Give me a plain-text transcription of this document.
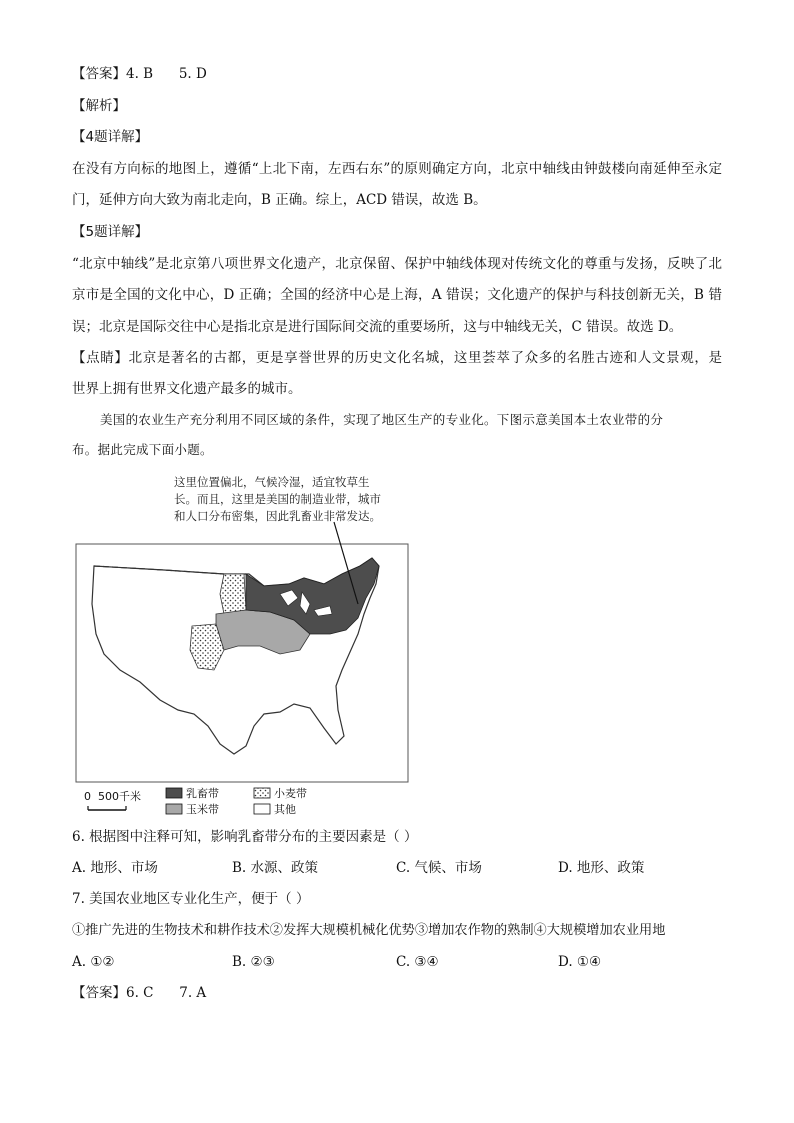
【答案】4. B      5. D
【解析】
【4题详解】
在没有方向标的地图上，遵循“上北下南，左西右东”的原则确定方向，北京中轴线由钟鼓楼向南延伸至永定
门，延伸方向大致为南北走向，B 正确。综上，ACD 错误，故选 B。
【5题详解】
“北京中轴线”是北京第八项世界文化遗产，北京保留、保护中轴线体现对传统文化的尊重与发扬，反映了北
京市是全国的文化中心，D 正确；全国的经济中心是上海，A 错误；文化遗产的保护与科技创新无关，B 错
误；北京是国际交往中心是指北京是进行国际间交流的重要场所，这与中轴线无关，C 错误。故选 D。
【点睛】北京是著名的古都，更是享誉世界的历史文化名城，这里荟萃了众多的名胜古迹和人文景观，是
世界上拥有世界文化遗产最多的城市。
美国的农业生产充分利用不同区域的条件，实现了地区生产的专业化。下图示意美国本土农业带的分
布。据此完成下面小题。
这里位置偏北，气候冷湿，适宜牧草生
长。而且，这里是美国的制造业带，城市
和人口分布密集，因此乳畜业非常发达。
0  500千米	乳畜带	小麦带
玉米带	其他
6. 根据图中注释可知，影响乳畜带分布的主要因素是（ ）
A. 地形、市场	B. 水源、政策	C. 气候、市场	D. 地形、政策
7. 美国农业地区专业化生产，便于（ ）
①推广先进的生物技术和耕作技术②发挥大规模机械化优势③增加农作物的熟制④大规模增加农业用地
A. ①②	B. ②③	C. ③④	D. ①④
【答案】6. C      7. A
